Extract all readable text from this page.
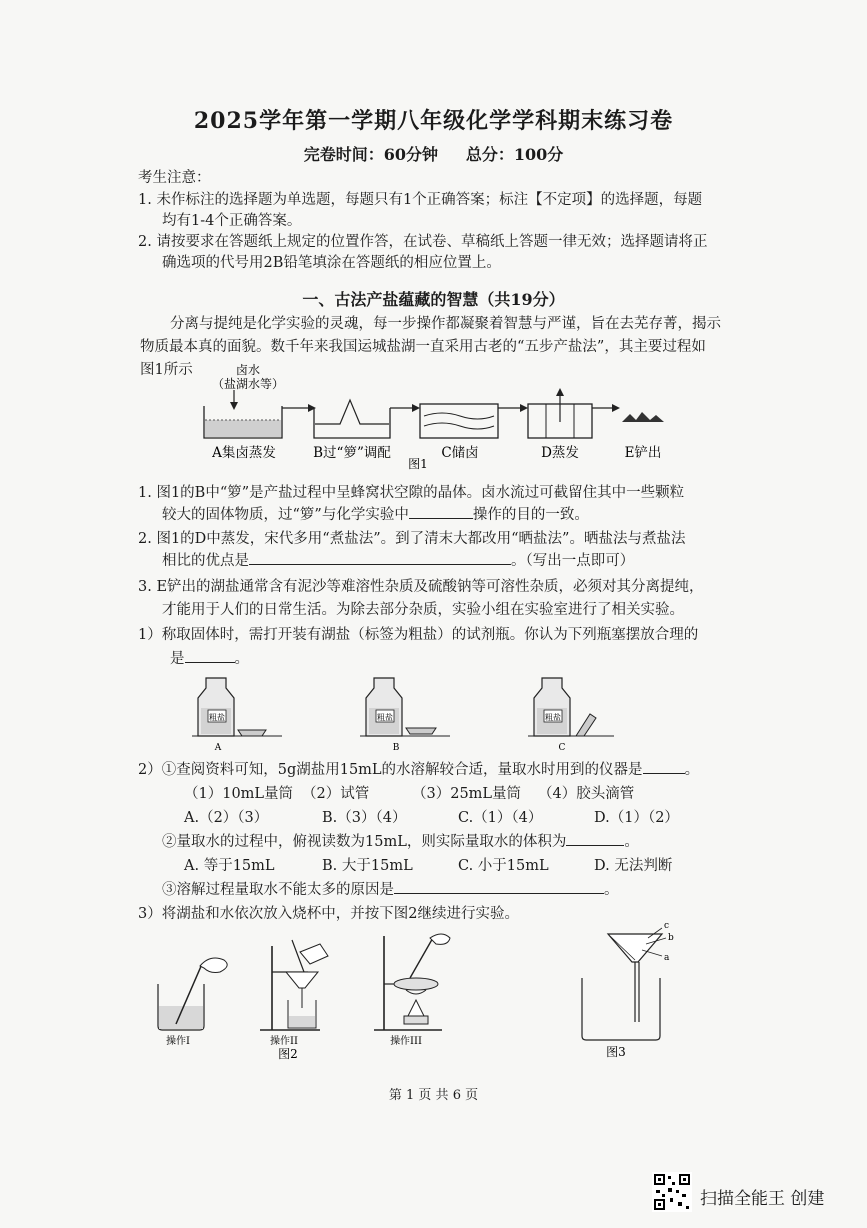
2025学年第一学期八年级化学学科期末练习卷
完卷时间：60分钟     总分：100分
考生注意：
1. 未作标注的选择题为单选题，每题只有1个正确答案；标注【不定项】的选择题，每题
均有1-4个正确答案。
2. 请按要求在答题纸上规定的位置作答，在试卷、草稿纸上答题一律无效；选择题请将正
确选项的代号用2B铅笔填涂在答题纸的相应位置上。
一、古法产盐蕴藏的智慧（共19分）
分离与提纯是化学实验的灵魂，每一步操作都凝聚着智慧与严谨，旨在去芜存菁，揭示
物质最本真的面貌。数千年来我国运城盐湖一直采用古老的“五步产盐法”，其主要过程如
图1所示	卤水
（盐湖水等）
A集卤蒸发	B过“箩”调配	C储卤	D蒸发	E铲出
图1
1. 图1的B中“箩”是产盐过程中呈蜂窝状空隙的晶体。卤水流过可截留住其中一些颗粒
较大的固体物质，过“箩”与化学实验中	操作的目的一致。
2. 图1的D中蒸发，宋代多用“煮盐法”。到了清末大都改用“晒盐法”。晒盐法与煮盐法
相比的优点是	。（写出一点即可）
3. E铲出的湖盐通常含有泥沙等难溶性杂质及硫酸钠等可溶性杂质，必须对其分离提纯，
才能用于人们的日常生活。为除去部分杂质，实验小组在实验室进行了相关实验。
1）称取固体时，需打开装有湖盐（标签为粗盐）的试剂瓶。你认为下列瓶塞摆放合理的
是	。
粗盐
A
粗盐
B
粗盐
C
2）①查阅资料可知，5g湖盐用15mL的水溶解较合适，量取水时用到的仪器是	。
（1）10mL量筒 （2）试管	（3）25mL量筒 （4）胶头滴管
A.（2）（3）	B.（3）（4）	C.（1）（4）	D.（1）（2）
②量取水的过程中，俯视读数为15mL，则实际量取水的体积为	。
A. 等于15mL	B. 大于15mL	C. 小于15mL	D. 无法判断
③溶解过程量取水不能太多的原因是	。
3）将湖盐和水依次放入烧杯中，并按下图2继续进行实验。
操作I	操作II	操作III
图2
c
b
a
图3
第 1 页 共 6 页
扫描全能王 创建
